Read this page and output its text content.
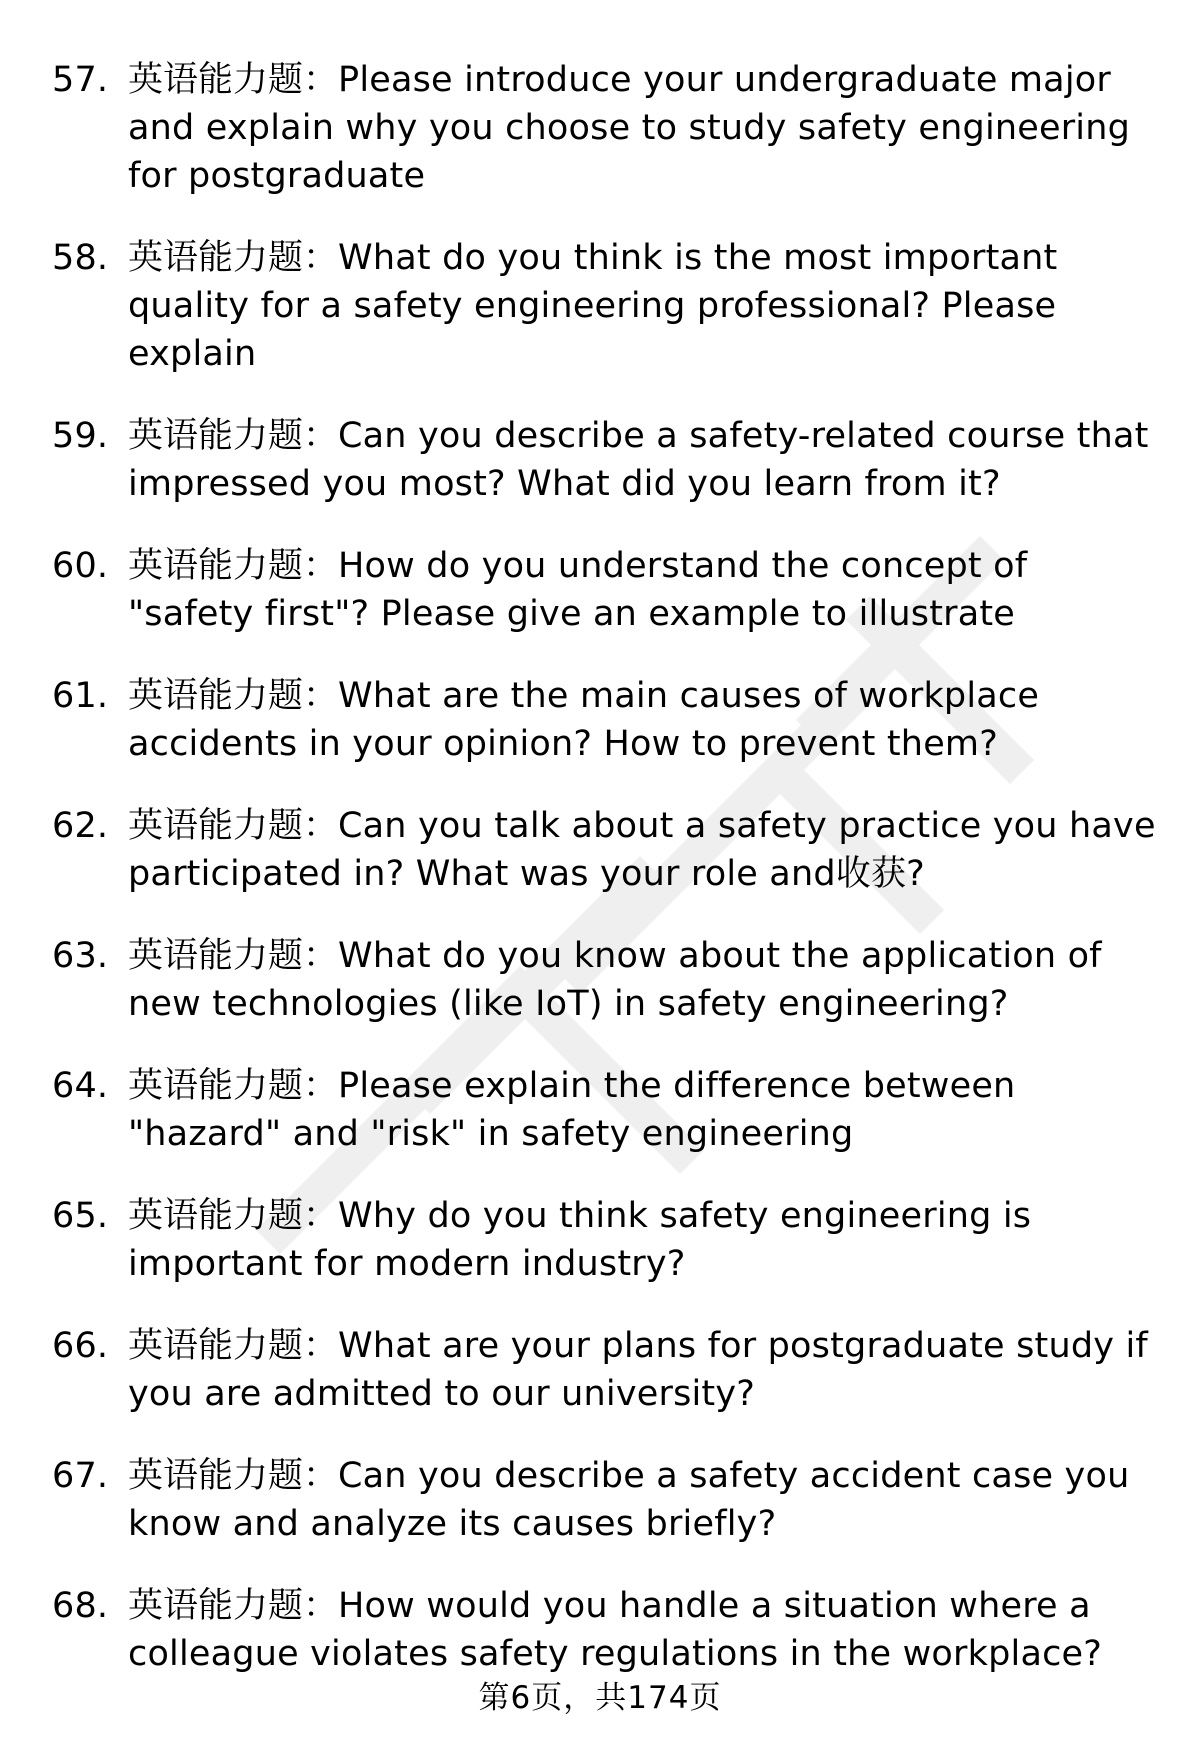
57. 英语能力题：Please introduce your undergraduate major and explain why you choose to study safety engineering for postgraduate
58. 英语能力题：What do you think is the most important quality for a safety engineering professional? Please explain
59. 英语能力题：Can you describe a safety-related course that impressed you most? What did you learn from it?
60. 英语能力题：How do you understand the concept of "safety first"? Please give an example to illustrate
61. 英语能力题：What are the main causes of workplace accidents in your opinion? How to prevent them?
62. 英语能力题：Can you talk about a safety practice you have participated in? What was your role and收获?
63. 英语能力题：What do you know about the application of new technologies (like IoT) in safety engineering?
64. 英语能力题：Please explain the difference between "hazard" and "risk" in safety engineering
65. 英语能力题：Why do you think safety engineering is important for modern industry?
66. 英语能力题：What are your plans for postgraduate study if you are admitted to our university?
67. 英语能力题：Can you describe a safety accident case you know and analyze its causes briefly?
68. 英语能力题：How would you handle a situation where a colleague violates safety regulations in the workplace?
第6页，共174页
